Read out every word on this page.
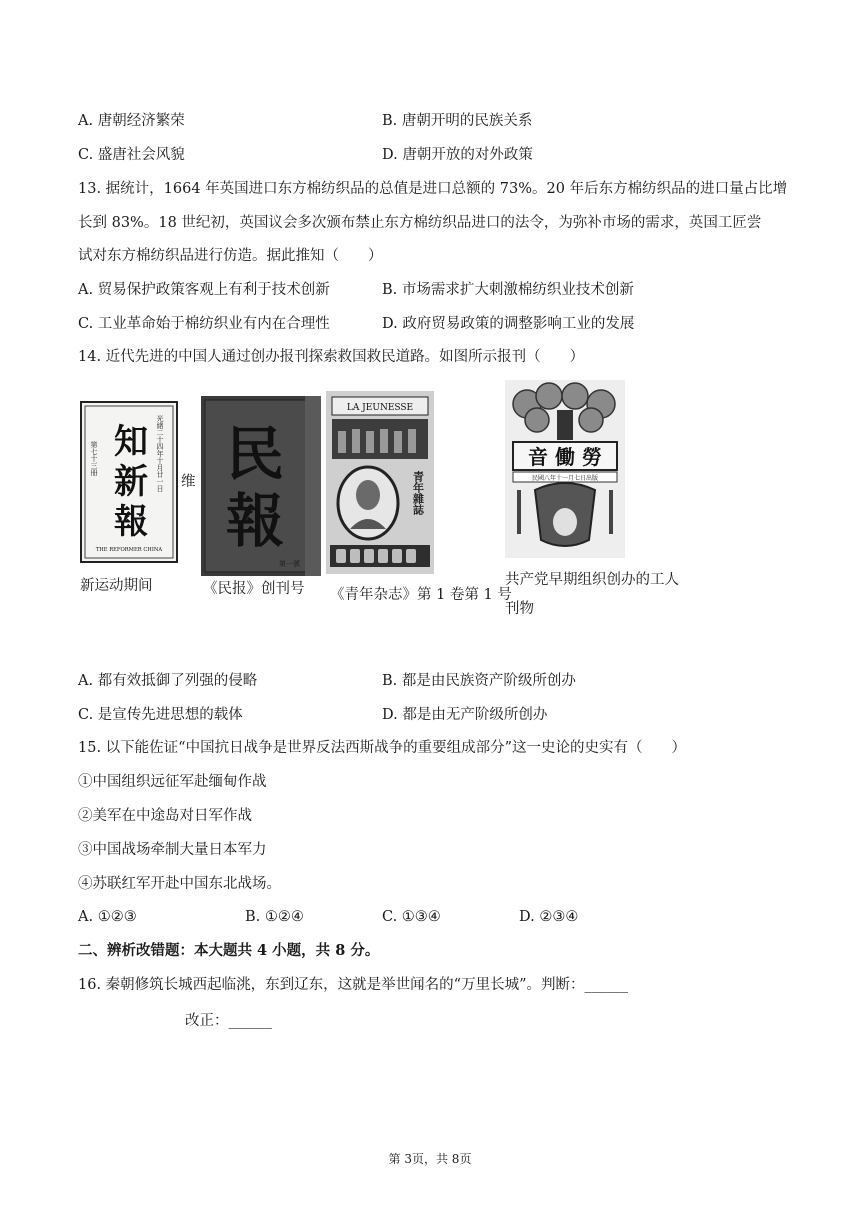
A. 唐朝经济繁荣	B. 唐朝开明的民族关系
C. 盛唐社会风貌	D. 唐朝开放的对外政策
13. 据统计，1664 年英国进口东方棉纺织品的总值是进口总额的 73%。20 年后东方棉纺织品的进口量占比增
长到 83%。18 世纪初，英国议会多次颁布禁止东方棉纺织品进口的法令，为弥补市场的需求，英国工匠尝
试对东方棉纺织品进行仿造。据此推知（　　）
A. 贸易保护政策客观上有利于技术创新	B. 市场需求扩大刺激棉纺织业技术创新
C. 工业革命始于棉纺织业有内在合理性	D. 政府贸易政策的调整影响工业的发展
14. 近代先进的中国人通过创办报刊探索救国救民道路。如图所示报刊（　　）
知
新
報
光緒二十四年十月廿一日
第七十三冊
THE REFORMER CHINA
维
新运动期间
民
報
第一號
《民报》创刊号
LA JEUNESSE
青年雜誌
《青年杂志》第 1 卷第 1 号
音 働 勞
民國八年十一月七日出版
共产党早期组织创办的工人
刊物
A. 都有效抵御了列强的侵略	B. 都是由民族资产阶级所创办
C. 是宣传先进思想的载体	D. 都是由无产阶级所创办
15. 以下能佐证“中国抗日战争是世界反法西斯战争的重要组成部分”这一史论的史实有（　　）
①中国组织远征军赴缅甸作战
②美军在中途岛对日军作战
③中国战场牵制大量日本军力
④苏联红军开赴中国东北战场。
A. ①②③	B. ①②④	C. ①③④	D. ②③④
二、辨析改错题：本大题共 4 小题，共 8 分。
16. 秦朝修筑长城西起临洮，东到辽东，这就是举世闻名的“万里长城”。判断：______
改正：______
第 3页，共 8页
